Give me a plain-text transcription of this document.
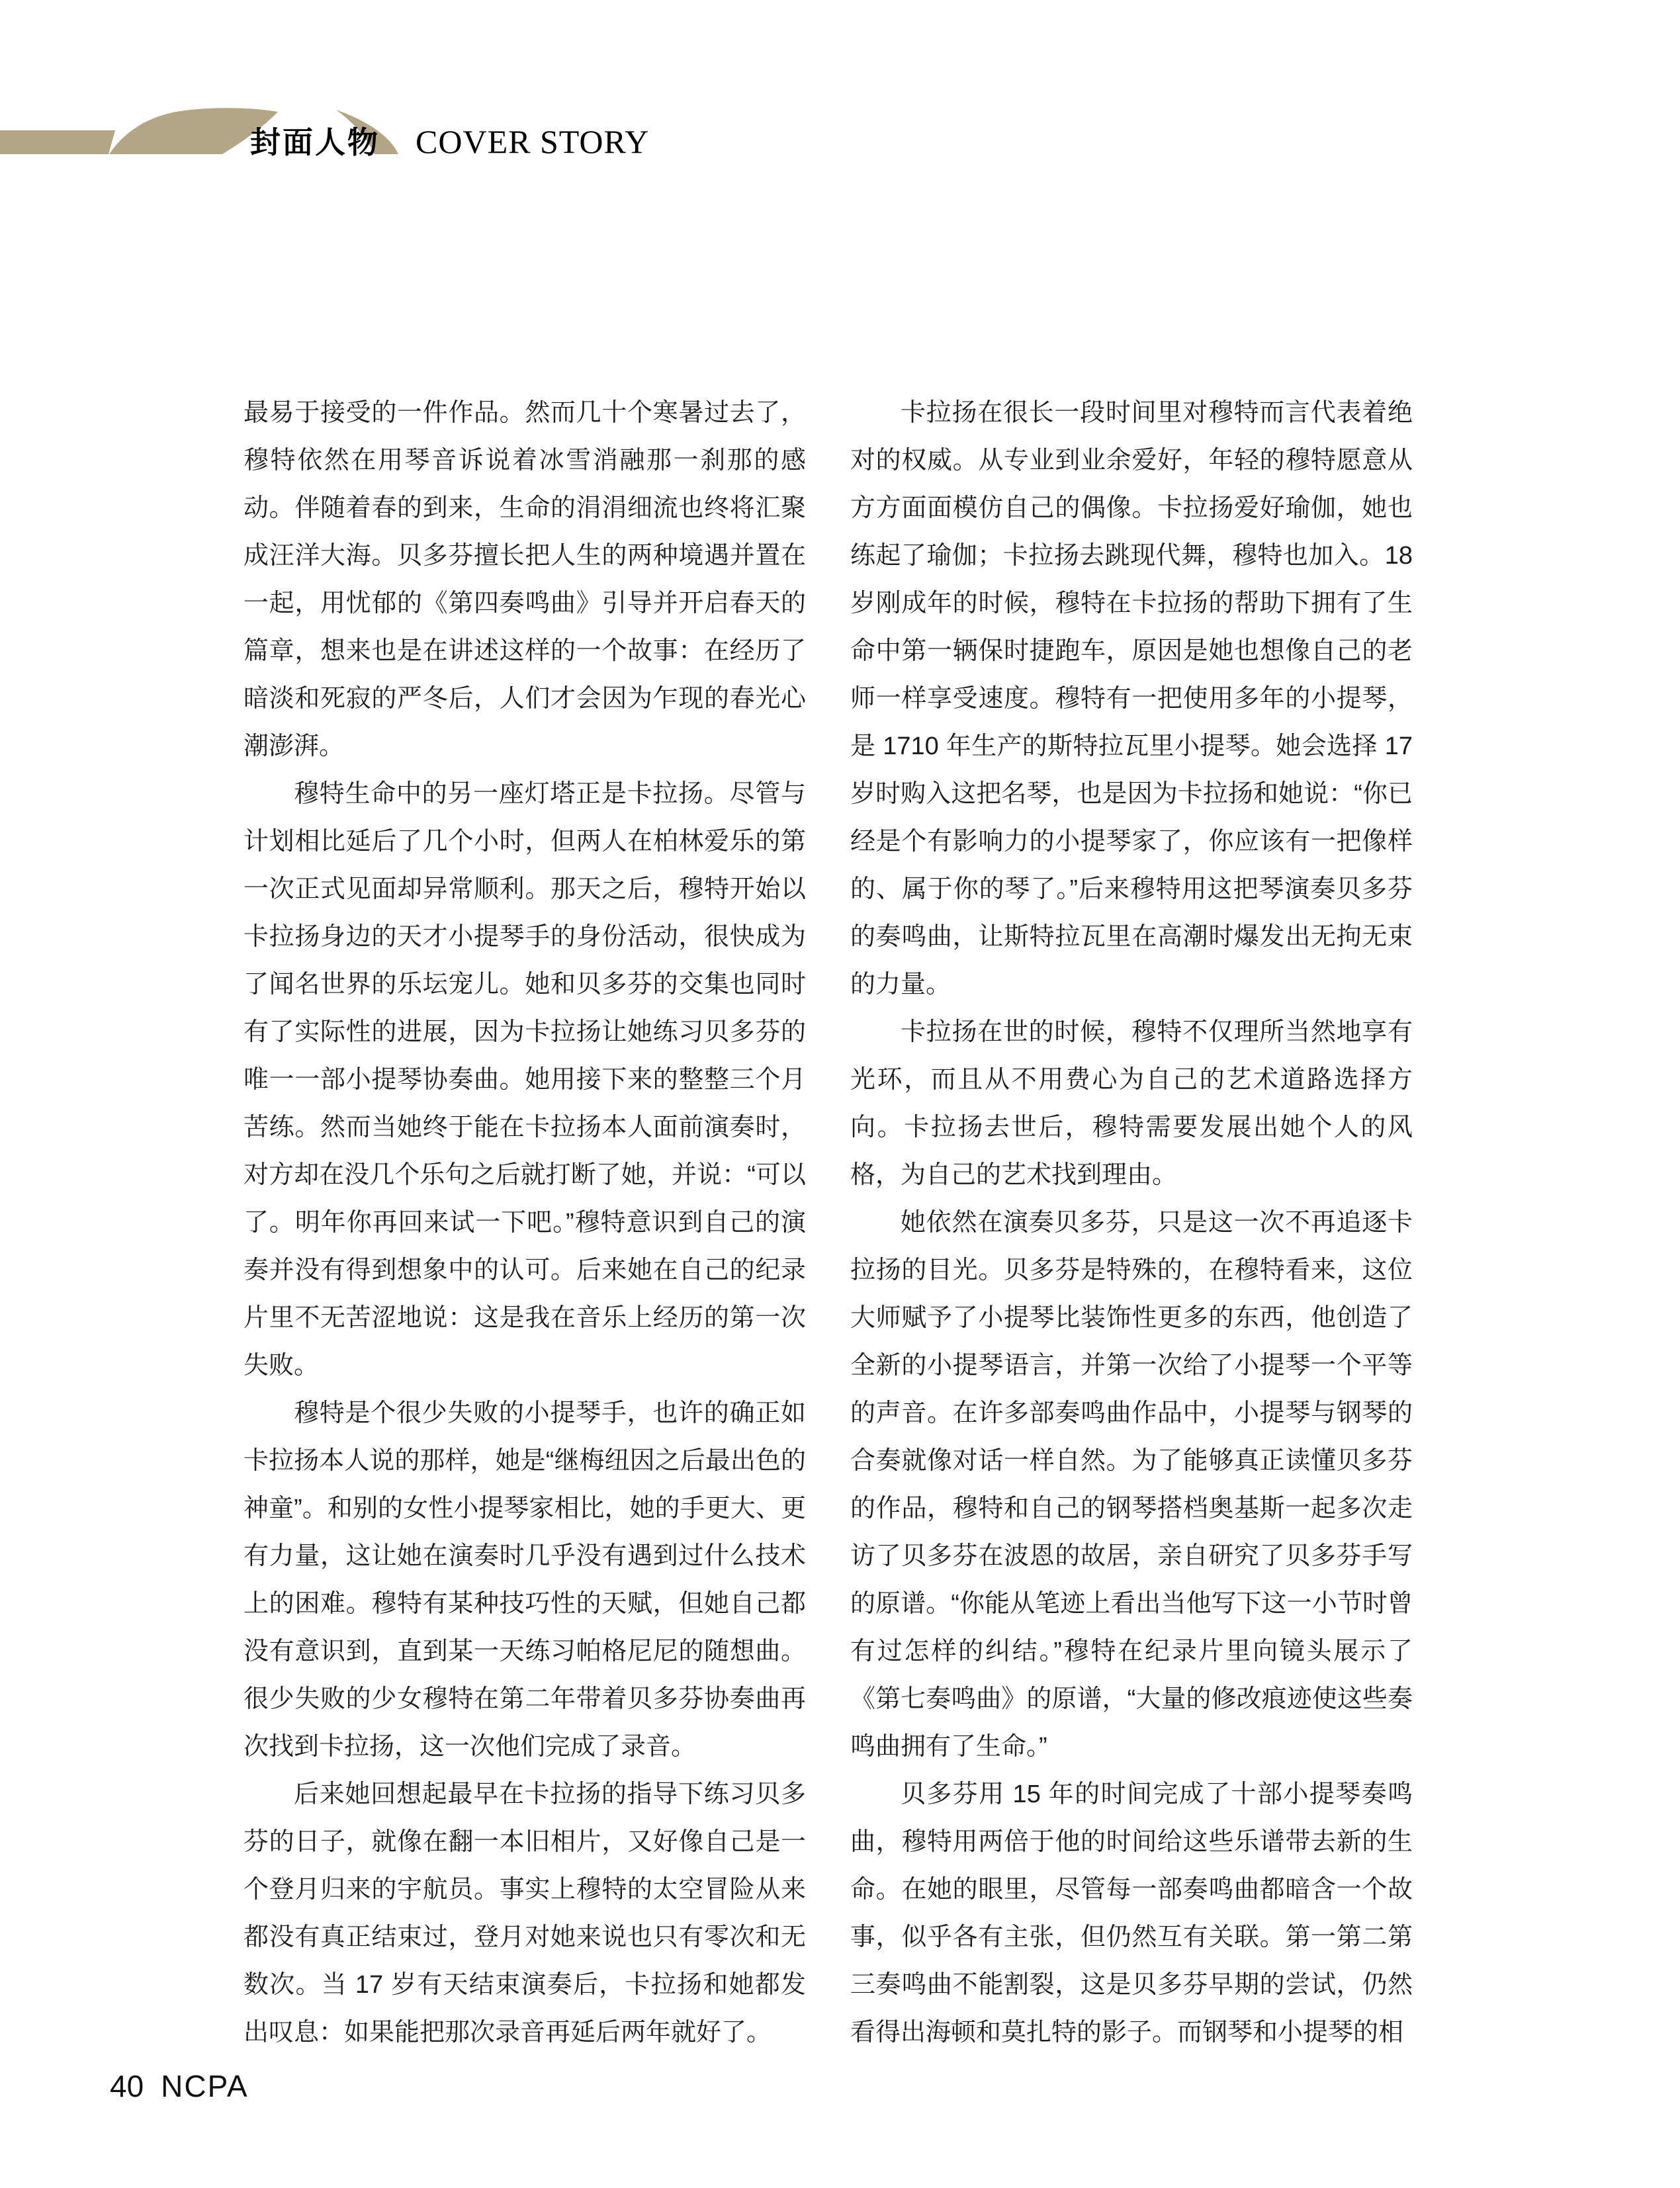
封面人物 COVER STORY

最易于接受的一件作品。然而几十个寒暑过去了，穆特依然在用琴音诉说着冰雪消融那一刹那的感动。伴随着春的到来，生命的涓涓细流也终将汇聚成汪洋大海。贝多芬擅长把人生的两种境遇并置在一起，用忧郁的《第四奏鸣曲》引导并开启春天的篇章，想来也是在讲述这样的一个故事：在经历了暗淡和死寂的严冬后，人们才会因为乍现的春光心潮澎湃。

穆特生命中的另一座灯塔正是卡拉扬。尽管与计划相比延后了几个小时，但两人在柏林爱乐的第一次正式见面却异常顺利。那天之后，穆特开始以卡拉扬身边的天才小提琴手的身份活动，很快成为了闻名世界的乐坛宠儿。她和贝多芬的交集也同时有了实际性的进展，因为卡拉扬让她练习贝多芬的唯一一部小提琴协奏曲。她用接下来的整整三个月苦练。然而当她终于能在卡拉扬本人面前演奏时，对方却在没几个乐句之后就打断了她，并说：“可以了。明年你再回来试一下吧。”穆特意识到自己的演奏并没有得到想象中的认可。后来她在自己的纪录片里不无苦涩地说：这是我在音乐上经历的第一次失败。

穆特是个很少失败的小提琴手，也许的确正如卡拉扬本人说的那样，她是“继梅纽因之后最出色的神童”。和别的女性小提琴家相比，她的手更大、更有力量，这让她在演奏时几乎没有遇到过什么技术上的困难。穆特有某种技巧性的天赋，但她自己都没有意识到，直到某一天练习帕格尼尼的随想曲。很少失败的少女穆特在第二年带着贝多芬协奏曲再次找到卡拉扬，这一次他们完成了录音。

后来她回想起最早在卡拉扬的指导下练习贝多芬的日子，就像在翻一本旧相片，又好像自己是一个登月归来的宇航员。事实上穆特的太空冒险从来都没有真正结束过，登月对她来说也只有零次和无数次。当 17 岁有天结束演奏后，卡拉扬和她都发出叹息：如果能把那次录音再延后两年就好了。

卡拉扬在很长一段时间里对穆特而言代表着绝对的权威。从专业到业余爱好，年轻的穆特愿意从方方面面模仿自己的偶像。卡拉扬爱好瑜伽，她也练起了瑜伽；卡拉扬去跳现代舞，穆特也加入。18 岁刚成年的时候，穆特在卡拉扬的帮助下拥有了生命中第一辆保时捷跑车，原因是她也想像自己的老师一样享受速度。穆特有一把使用多年的小提琴，是 1710 年生产的斯特拉瓦里小提琴。她会选择 17 岁时购入这把名琴，也是因为卡拉扬和她说：“你已经是个有影响力的小提琴家了，你应该有一把像样的、属于你的琴了。”后来穆特用这把琴演奏贝多芬的奏鸣曲，让斯特拉瓦里在高潮时爆发出无拘无束的力量。

卡拉扬在世的时候，穆特不仅理所当然地享有光环，而且从不用费心为自己的艺术道路选择方向。卡拉扬去世后，穆特需要发展出她个人的风格，为自己的艺术找到理由。

她依然在演奏贝多芬，只是这一次不再追逐卡拉扬的目光。贝多芬是特殊的，在穆特看来，这位大师赋予了小提琴比装饰性更多的东西，他创造了全新的小提琴语言，并第一次给了小提琴一个平等的声音。在许多部奏鸣曲作品中，小提琴与钢琴的合奏就像对话一样自然。为了能够真正读懂贝多芬的作品，穆特和自己的钢琴搭档奥基斯一起多次走访了贝多芬在波恩的故居，亲自研究了贝多芬手写的原谱。“你能从笔迹上看出当他写下这一小节时曾有过怎样的纠结。”穆特在纪录片里向镜头展示了《第七奏鸣曲》的原谱，“大量的修改痕迹使这些奏鸣曲拥有了生命。”

贝多芬用 15 年的时间完成了十部小提琴奏鸣曲，穆特用两倍于他的时间给这些乐谱带去新的生命。在她的眼里，尽管每一部奏鸣曲都暗含一个故事，似乎各有主张，但仍然互有关联。第一第二第三奏鸣曲不能割裂，这是贝多芬早期的尝试，仍然看得出海顿和莫扎特的影子。而钢琴和小提琴的相

40 NCPA
